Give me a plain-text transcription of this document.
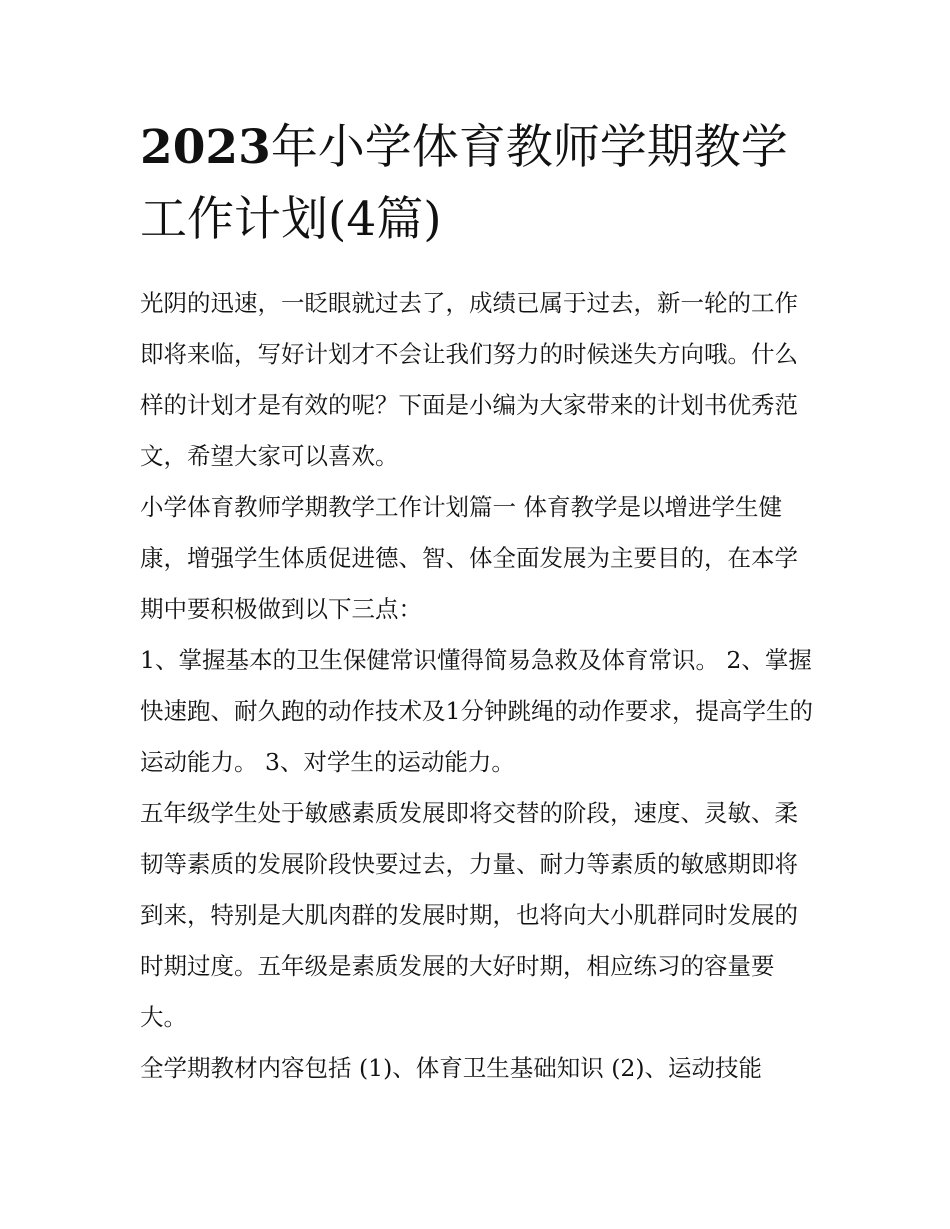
2023年小学体育教师学期教学工作计划(4篇)

光阴的迅速，一眨眼就过去了，成绩已属于过去，新一轮的工作即将来临，写好计划才不会让我们努力的时候迷失方向哦。什么样的计划才是有效的呢？下面是小编为大家带来的计划书优秀范文，希望大家可以喜欢。

小学体育教师学期教学工作计划篇一 体育教学是以增进学生健康，增强学生体质促进德、智、体全面发展为主要目的，在本学期中要积极做到以下三点：

1、掌握基本的卫生保健常识懂得简易急救及体育常识。 2、掌握快速跑、耐久跑的动作技术及1分钟跳绳的动作要求，提高学生的运动能力。 3、对学生的运动能力。

五年级学生处于敏感素质发展即将交替的阶段，速度、灵敏、柔韧等素质的发展阶段快要过去，力量、耐力等素质的敏感期即将到来，特别是大肌肉群的发展时期，也将向大小肌群同时发展的时期过度。五年级是素质发展的大好时期，相应练习的容量要大。

全学期教材内容包括 (1)、体育卫生基础知识 (2)、运动技能
